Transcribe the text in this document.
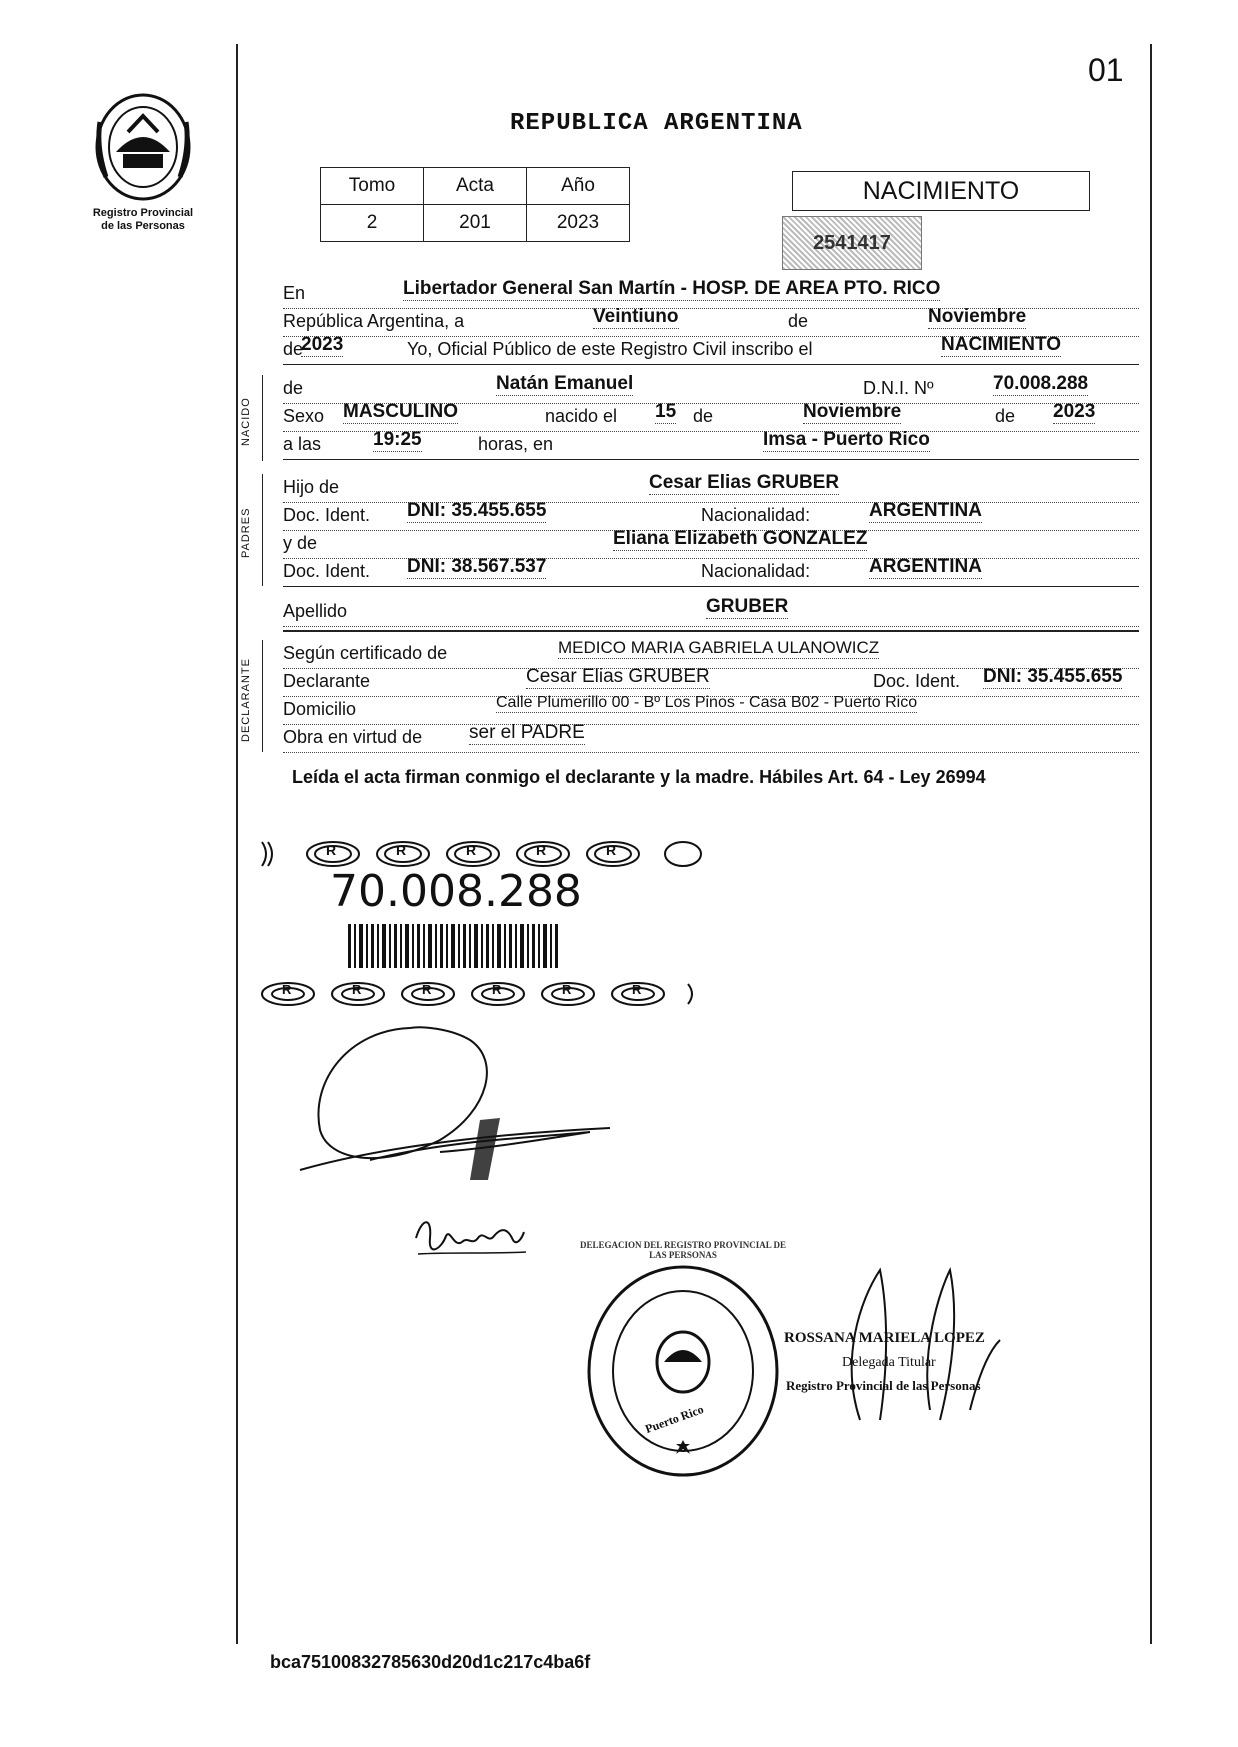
01
Registro Provincial
de las Personas
REPUBLICA ARGENTINA
Tomo	Acta	Año
2	201	2023
NACIMIENTO
2541417
En	Libertador General San Martín - HOSP. DE AREA PTO. RICO
República Argentina, a	Veintiuno	de	Noviembre
de
2023	Yo, Oficial Público de este Registro Civil inscribo el	NACIMIENTO
NACIDO
de	Natán Emanuel	D.N.I. Nº	70.008.288
Sexo MASCULINO	nacido el 15 de	Noviembre	de 2023
a las	19:25	horas, en	Imsa - Puerto Rico
PADRES
Hijo de	Cesar Elias GRUBER
Doc. Ident. DNI: 35.455.655	Nacionalidad:	ARGENTINA
y de	Eliana Elizabeth GONZALEZ
Doc. Ident. DNI: 38.567.537	Nacionalidad:	ARGENTINA
Apellido	GRUBER
DECLARANTE
Según certificado de	MEDICO MARIA GABRIELA ULANOWICZ
Declarante	Cesar Elias GRUBER	Doc. Ident. DNI: 35.455.655
Domicilio	Calle Plumerillo 00 - Bº Los Pinos - Casa B02 - Puerto Rico
Obra en virtud de ser el PADRE
Leída el acta firman conmigo el declarante y la madre. Hábiles Art. 64 - Ley 26994
R	R	R	R	R
70.008.288
R	R	R	R	R	R
DELEGACION DEL REGISTRO PROVINCIAL DE LAS PERSONAS
Puerto Rico
ROSSANA MARIELA LOPEZ
Delegada Titular
Registro Provincial de las Personas
bca75100832785630d20d1c217c4ba6f
